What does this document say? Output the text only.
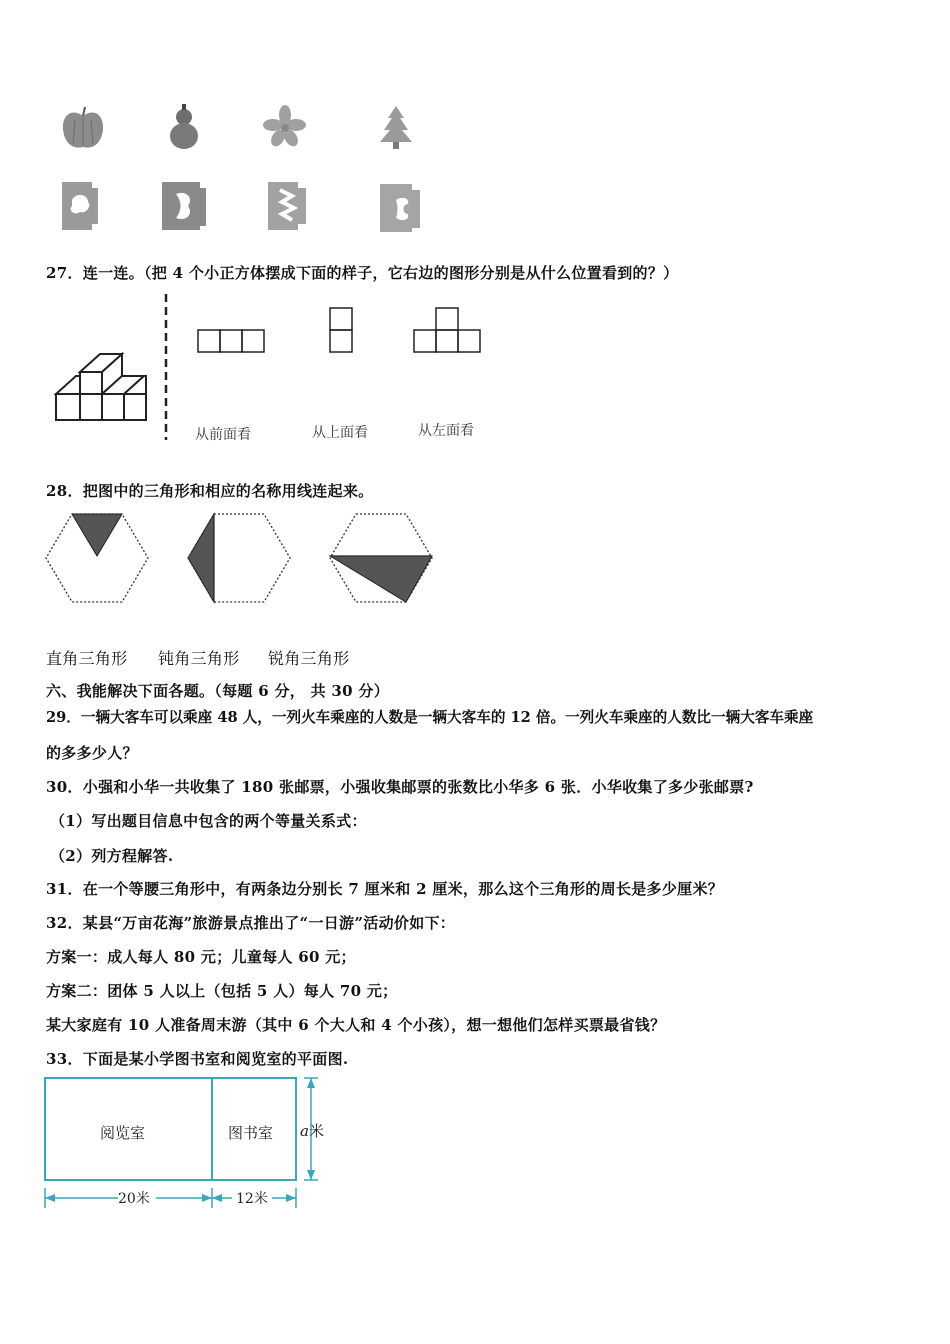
27．连一连。（把 4 个小正方体摆成下面的样子，它右边的图形分别是从什么位置看到的？）
从前面看	从上面看	从左面看
28．把图中的三角形和相应的名称用线连起来。
直角三角形 钝角三角形 锐角三角形
六、我能解决下面各题。（每题 6 分， 共 30 分）
29．一辆大客车可以乘座 48 人，一列火车乘座的人数是一辆大客车的 12 倍。一列火车乘座的人数比一辆大客车乘座
的多多少人？
30．小强和小华一共收集了 180 张邮票，小强收集邮票的张数比小华多 6 张．小华收集了多少张邮票?
（1）写出题目信息中包含的两个等量关系式：
（2）列方程解答.
31．在一个等腰三角形中，有两条边分别长 7 厘米和 2 厘米，那么这个三角形的周长是多少厘米？
32．某县“万亩花海”旅游景点推出了“一日游”活动价如下：
方案一：成人每人 80 元；儿童每人 60 元；
方案二：团体 5 人以上（包括 5 人）每人 70 元；
某大家庭有 10 人准备周末游（其中 6 个大人和 4 个小孩），想一想他们怎样买票最省钱？
33．下面是某小学图书室和阅览室的平面图.
阅览室	图书室 a米
20米	12米
